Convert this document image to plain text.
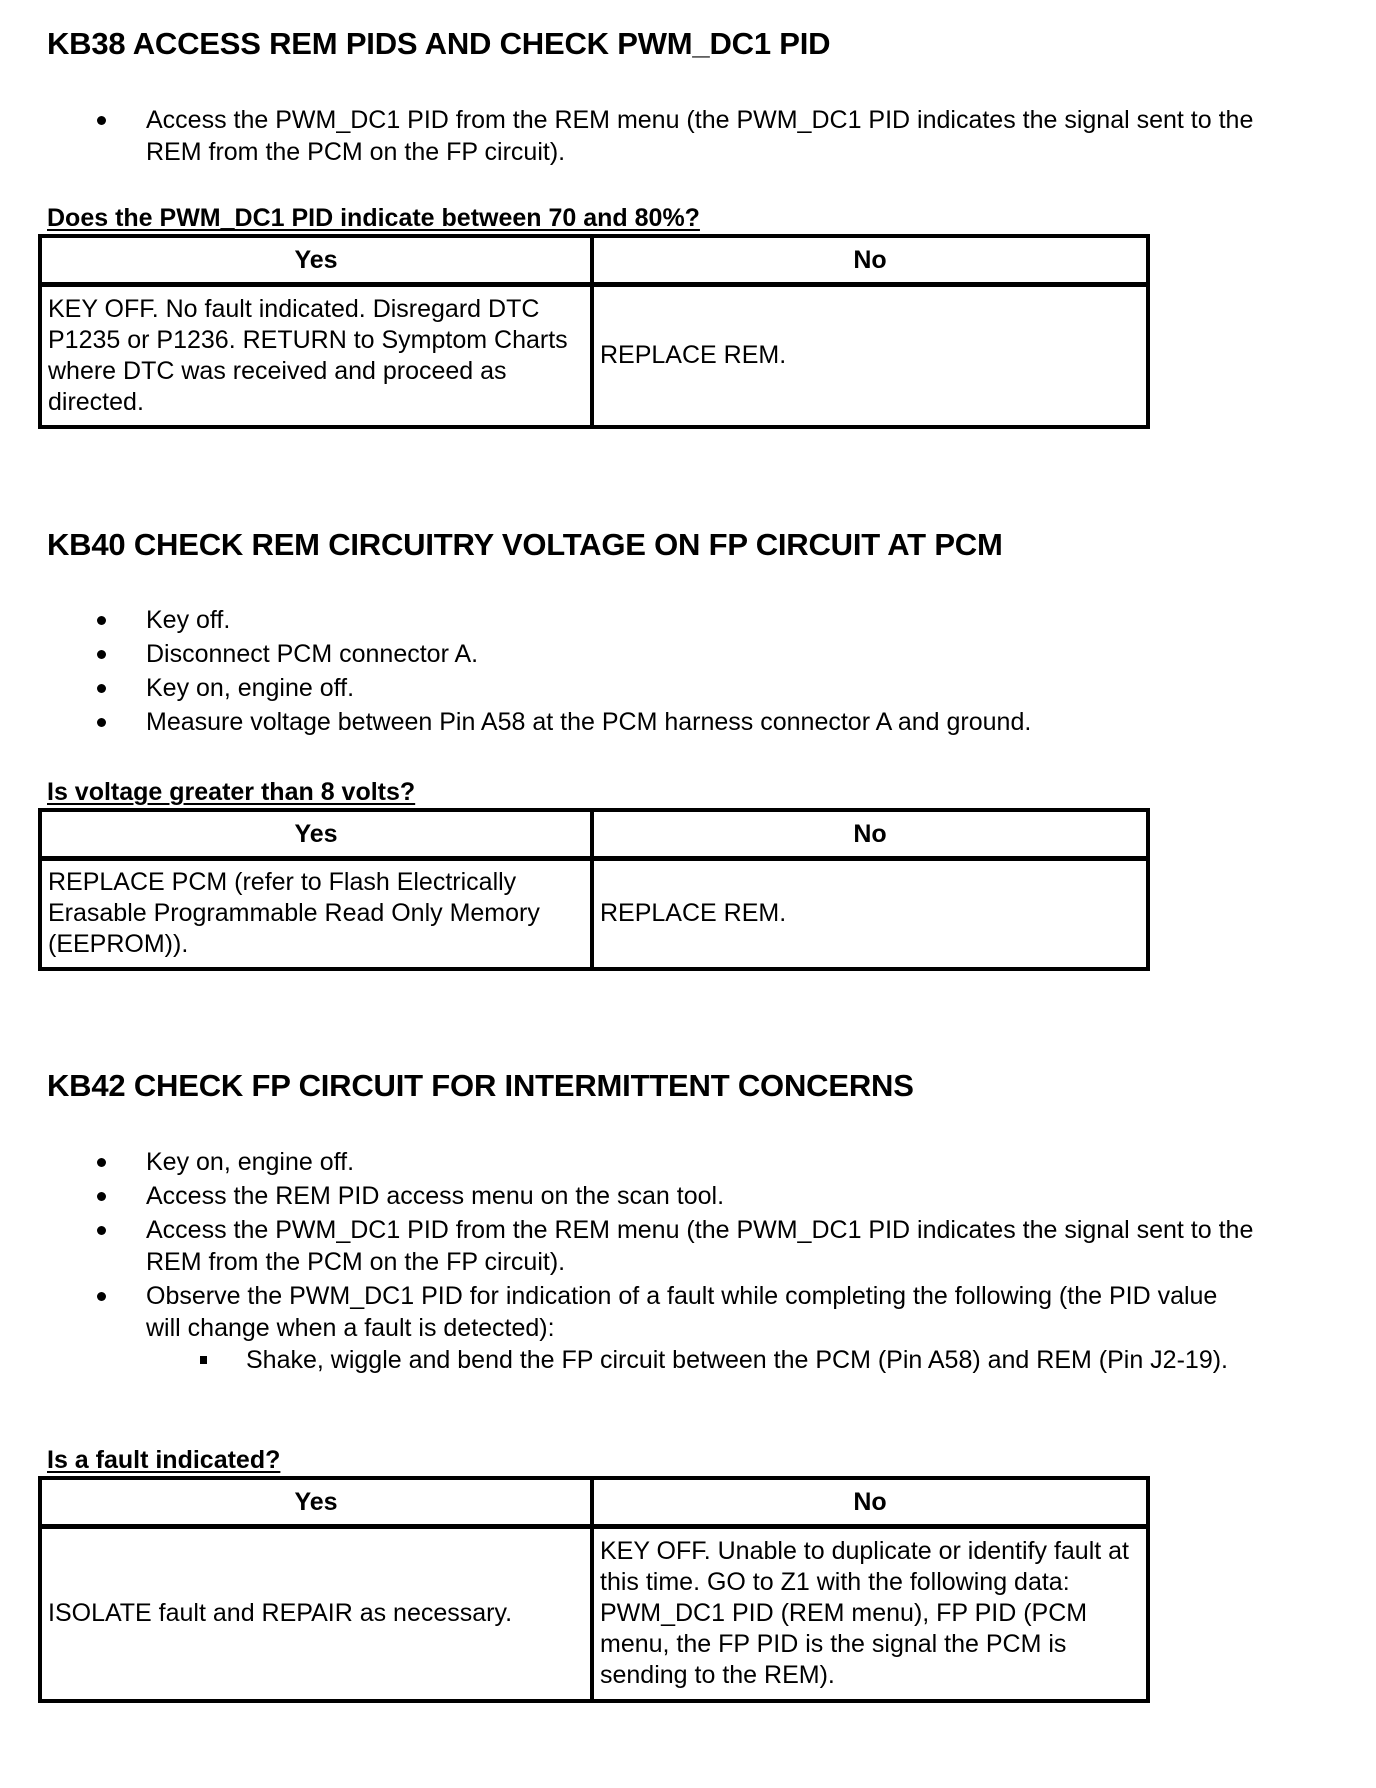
KB38 ACCESS REM PIDS AND CHECK PWM_DC1 PID
Access the PWM_DC1 PID from the REM menu (the PWM_DC1 PID indicates the signal sent to the REM from the PCM on the FP circuit).

Does the PWM_DC1 PID indicate between 70 and 80%?

Yes	No
KEY OFF. No fault indicated. Disregard DTC P1235 or P1236. RETURN to Symptom Charts where DTC was received and proceed as directed.	REPLACE REM.
KB40 CHECK REM CIRCUITRY VOLTAGE ON FP CIRCUIT AT PCM
Key off.
Disconnect PCM connector A.
Key on, engine off.
Measure voltage between Pin A58 at the PCM harness connector A and ground.

Is voltage greater than 8 volts?

Yes	No
REPLACE PCM (refer to Flash Electrically Erasable Programmable Read Only Memory (EEPROM)).	REPLACE REM.
KB42 CHECK FP CIRCUIT FOR INTERMITTENT CONCERNS
Key on, engine off.
Access the REM PID access menu on the scan tool.
Access the PWM_DC1 PID from the REM menu (the PWM_DC1 PID indicates the signal sent to the REM from the PCM on the FP circuit).
Observe the PWM_DC1 PID for indication of a fault while completing the following (the PID value will change when a fault is detected):
Shake, wiggle and bend the FP circuit between the PCM (Pin A58) and REM (Pin J2-19).

Is a fault indicated?

Yes	No
ISOLATE fault and REPAIR as necessary.	KEY OFF. Unable to duplicate or identify fault at this time. GO to Z1 with the following data: PWM_DC1 PID (REM menu), FP PID (PCM menu, the FP PID is the signal the PCM is sending to the REM).
